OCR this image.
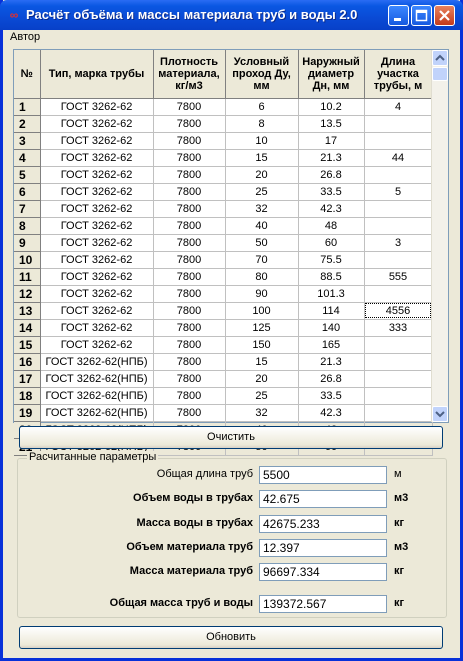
∞ Расчёт объёма и массы материала труб и воды 2.0
Автор
№	Тип, марка трубы	Плотность материала, кг/м3	Условный проход Ду, мм	Наружный диаметр Дн, мм	Длина участка трубы, м
1	ГОСТ 3262-62	7800	6	10.2	4
2	ГОСТ 3262-62	7800	8	13.5	
3	ГОСТ 3262-62	7800	10	17	
4	ГОСТ 3262-62	7800	15	21.3	44
5	ГОСТ 3262-62	7800	20	26.8	
6	ГОСТ 3262-62	7800	25	33.5	5
7	ГОСТ 3262-62	7800	32	42.3	
8	ГОСТ 3262-62	7800	40	48	
9	ГОСТ 3262-62	7800	50	60	3
10	ГОСТ 3262-62	7800	70	75.5	
11	ГОСТ 3262-62	7800	80	88.5	555
12	ГОСТ 3262-62	7800	90	101.3	
13	ГОСТ 3262-62	7800	100	114	4556
14	ГОСТ 3262-62	7800	125	140	333
15	ГОСТ 3262-62	7800	150	165	
16	ГОСТ 3262-62(НПБ)	7800	15	21.3	
17	ГОСТ 3262-62(НПБ)	7800	20	26.8	
18	ГОСТ 3262-62(НПБ)	7800	25	33.5	
19	ГОСТ 3262-62(НПБ)	7800	32	42.3	

Очистить
Расчитанные параметры
Общая длина труб 5500	м
Объем воды в трубах 42.675	м3
Масса воды в трубах 42675.233	кг
Объем материала труб 12.397	м3
Масса материала труб 96697.334	кг
Общая масса труб и воды 139372.567	кг
Обновить
